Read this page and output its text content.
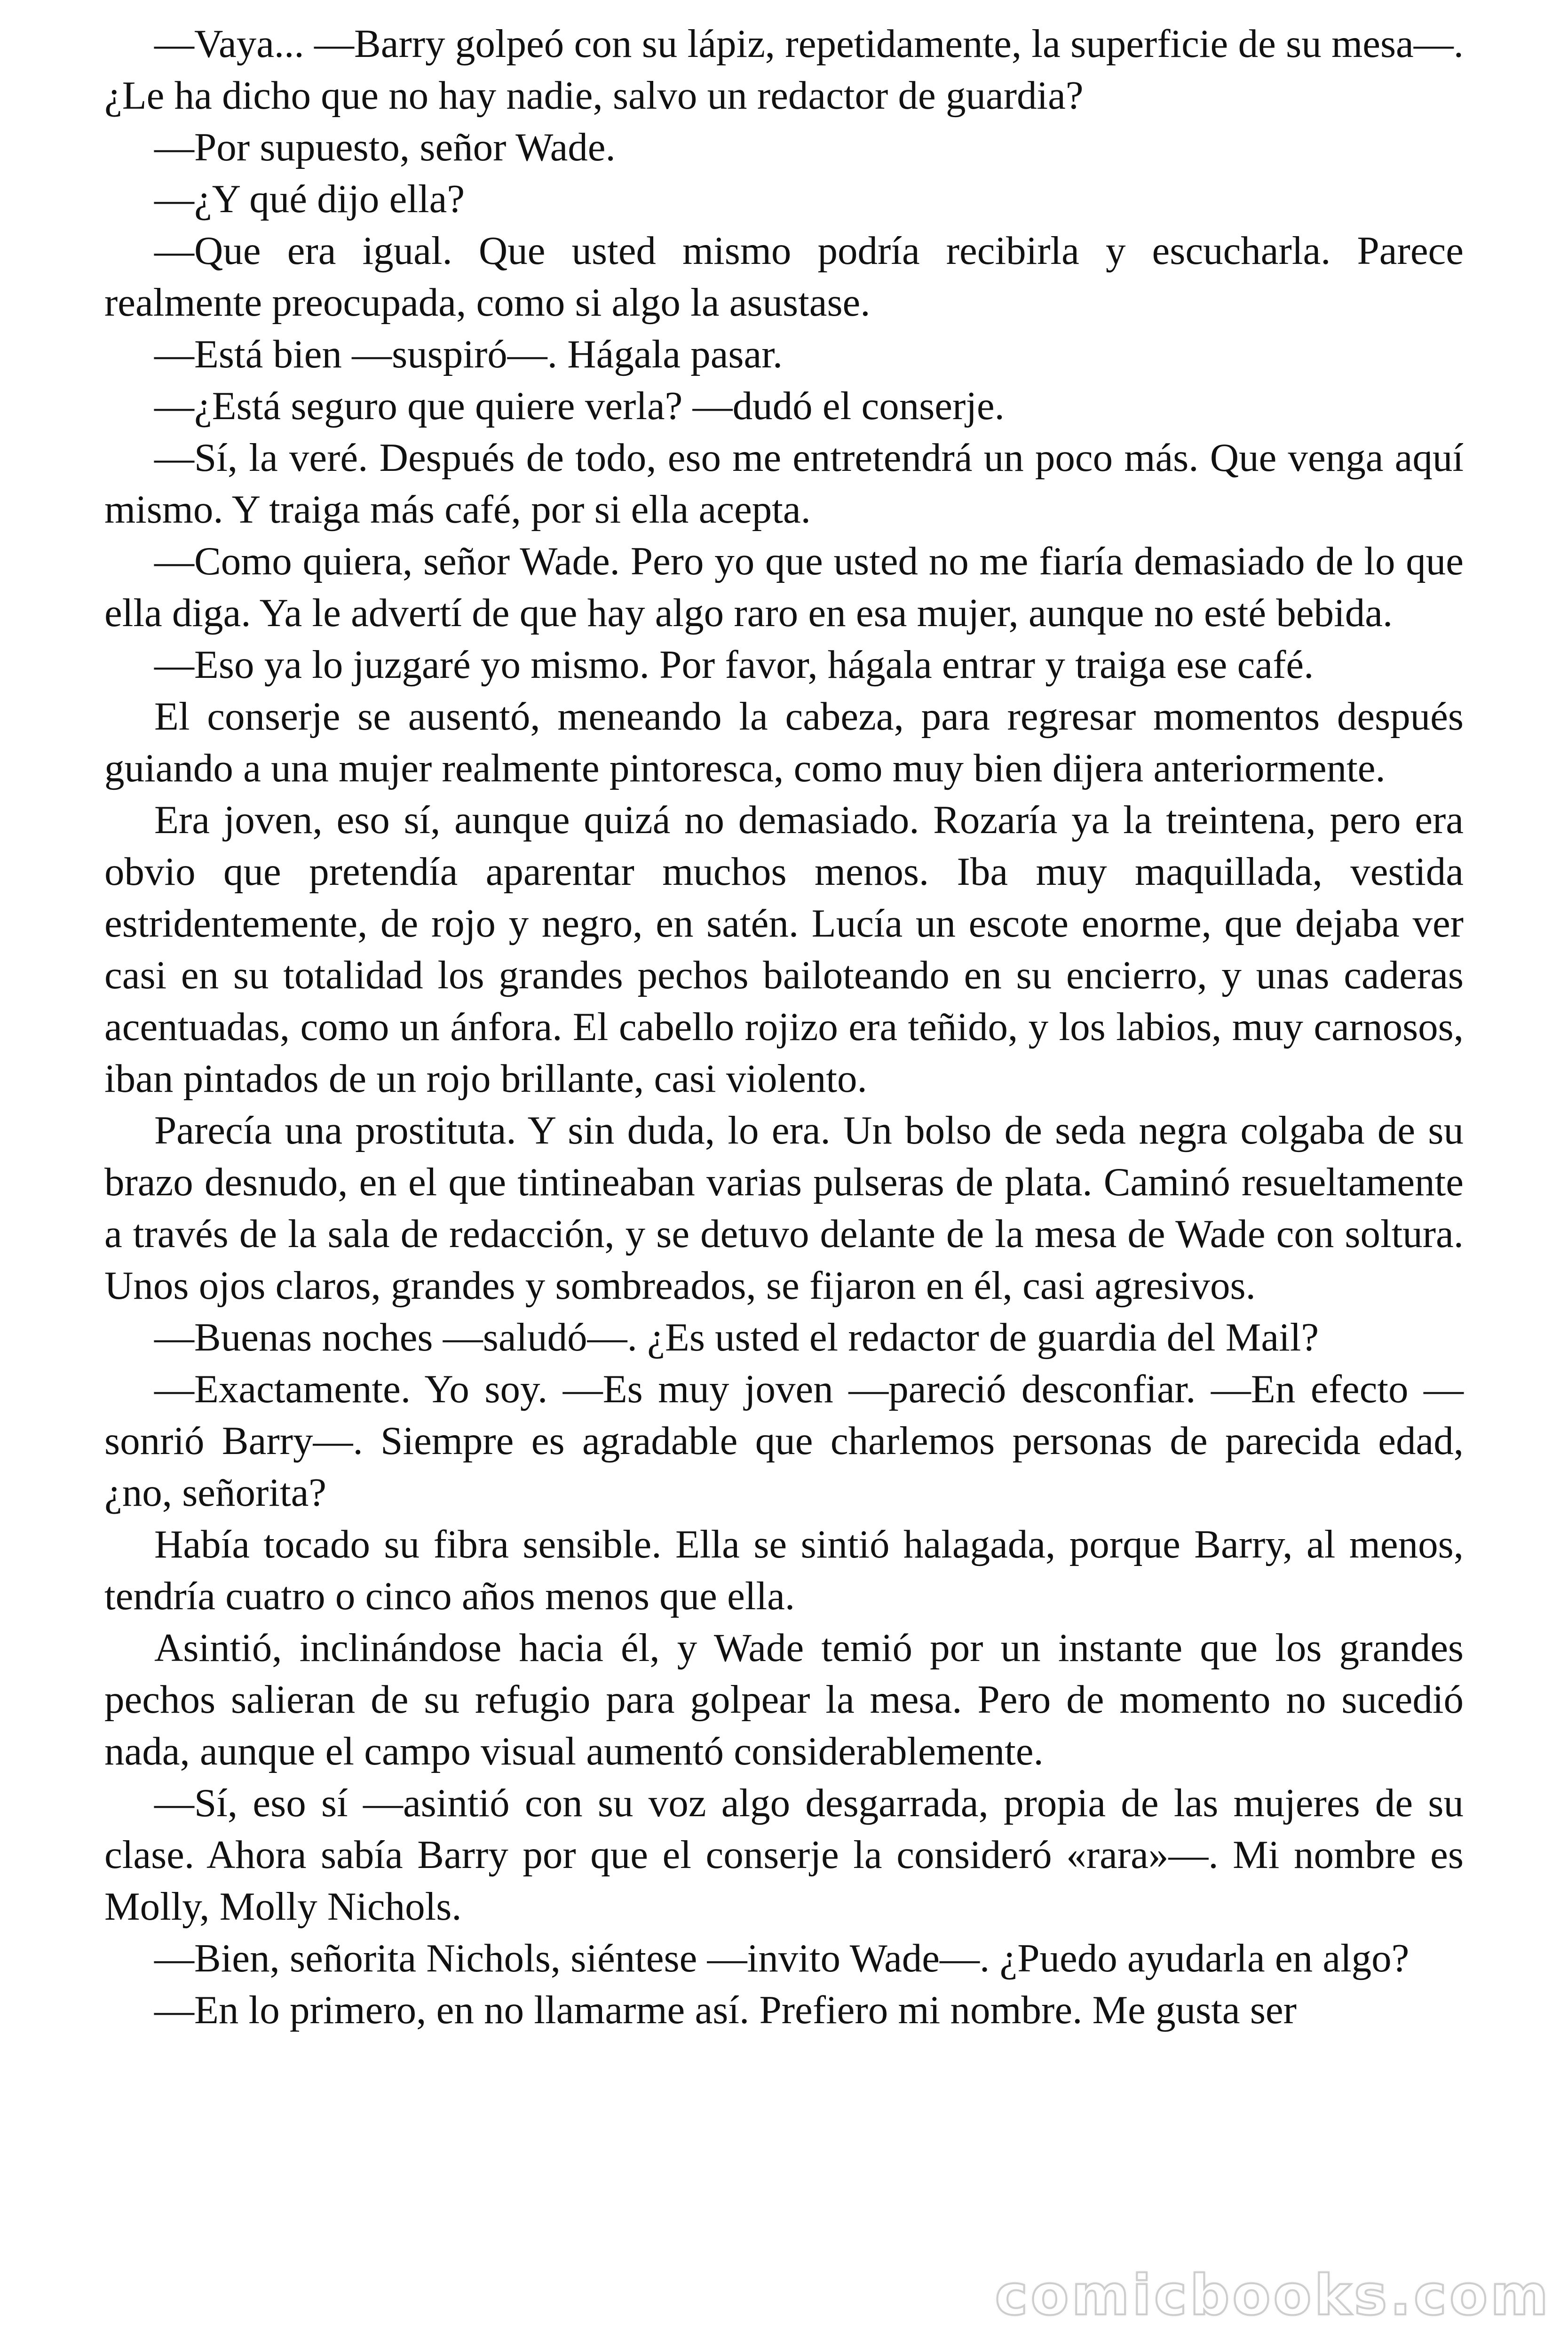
—Vaya... —Barry golpeó con su lápiz, repetidamente, la superficie de su mesa—. ¿Le ha dicho que no hay nadie, salvo un redactor de guardia?

—Por supuesto, señor Wade.

—¿Y qué dijo ella?

—Que era igual. Que usted mismo podría recibirla y escucharla. Parece realmente preocupada, como si algo la asustase.

—Está bien —suspiró—. Hágala pasar.

—¿Está seguro que quiere verla? —dudó el conserje.

—Sí, la veré. Después de todo, eso me entretendrá un poco más. Que venga aquí mismo. Y traiga más café, por si ella acepta.

—Como quiera, señor Wade. Pero yo que usted no me fiaría demasiado de lo que ella diga. Ya le advertí de que hay algo raro en esa mujer, aunque no esté bebida.

—Eso ya lo juzgaré yo mismo. Por favor, hágala entrar y traiga ese café.

El conserje se ausentó, meneando la cabeza, para regresar momentos después guiando a una mujer realmente pintoresca, como muy bien dijera anteriormente.

Era joven, eso sí, aunque quizá no demasiado. Rozaría ya la treintena, pero era obvio que pretendía aparentar muchos menos. Iba muy maquillada, vestida estridentemente, de rojo y negro, en satén. Lucía un escote enorme, que dejaba ver casi en su totalidad los grandes pechos bailoteando en su encierro, y unas caderas acentuadas, como un ánfora. El cabello rojizo era teñido, y los labios, muy carnosos, iban pintados de un rojo brillante, casi violento.

Parecía una prostituta. Y sin duda, lo era. Un bolso de seda negra colgaba de su brazo desnudo, en el que tintineaban varias pulseras de plata. Caminó resueltamente a través de la sala de redacción, y se detuvo delante de la mesa de Wade con soltura. Unos ojos claros, grandes y sombreados, se fijaron en él, casi agresivos.

—Buenas noches —saludó—. ¿Es usted el redactor de guardia del Mail?

—Exactamente. Yo soy. —Es muy joven —pareció desconfiar. —En efecto —sonrió Barry—. Siempre es agradable que charlemos personas de parecida edad, ¿no, señorita?

Había tocado su fibra sensible. Ella se sintió halagada, porque Barry, al menos, tendría cuatro o cinco años menos que ella.

Asintió, inclinándose hacia él, y Wade temió por un instante que los grandes pechos salieran de su refugio para golpear la mesa. Pero de momento no sucedió nada, aunque el campo visual aumentó considerablemente.

—Sí, eso sí —asintió con su voz algo desgarrada, propia de las mujeres de su clase. Ahora sabía Barry por que el conserje la consideró «rara»—. Mi nombre es Molly, Molly Nichols.

—Bien, señorita Nichols, siéntese —invito Wade—. ¿Puedo ayudarla en algo?

—En lo primero, en no llamarme así. Prefiero mi nombre. Me gusta ser

comicbooks.com
